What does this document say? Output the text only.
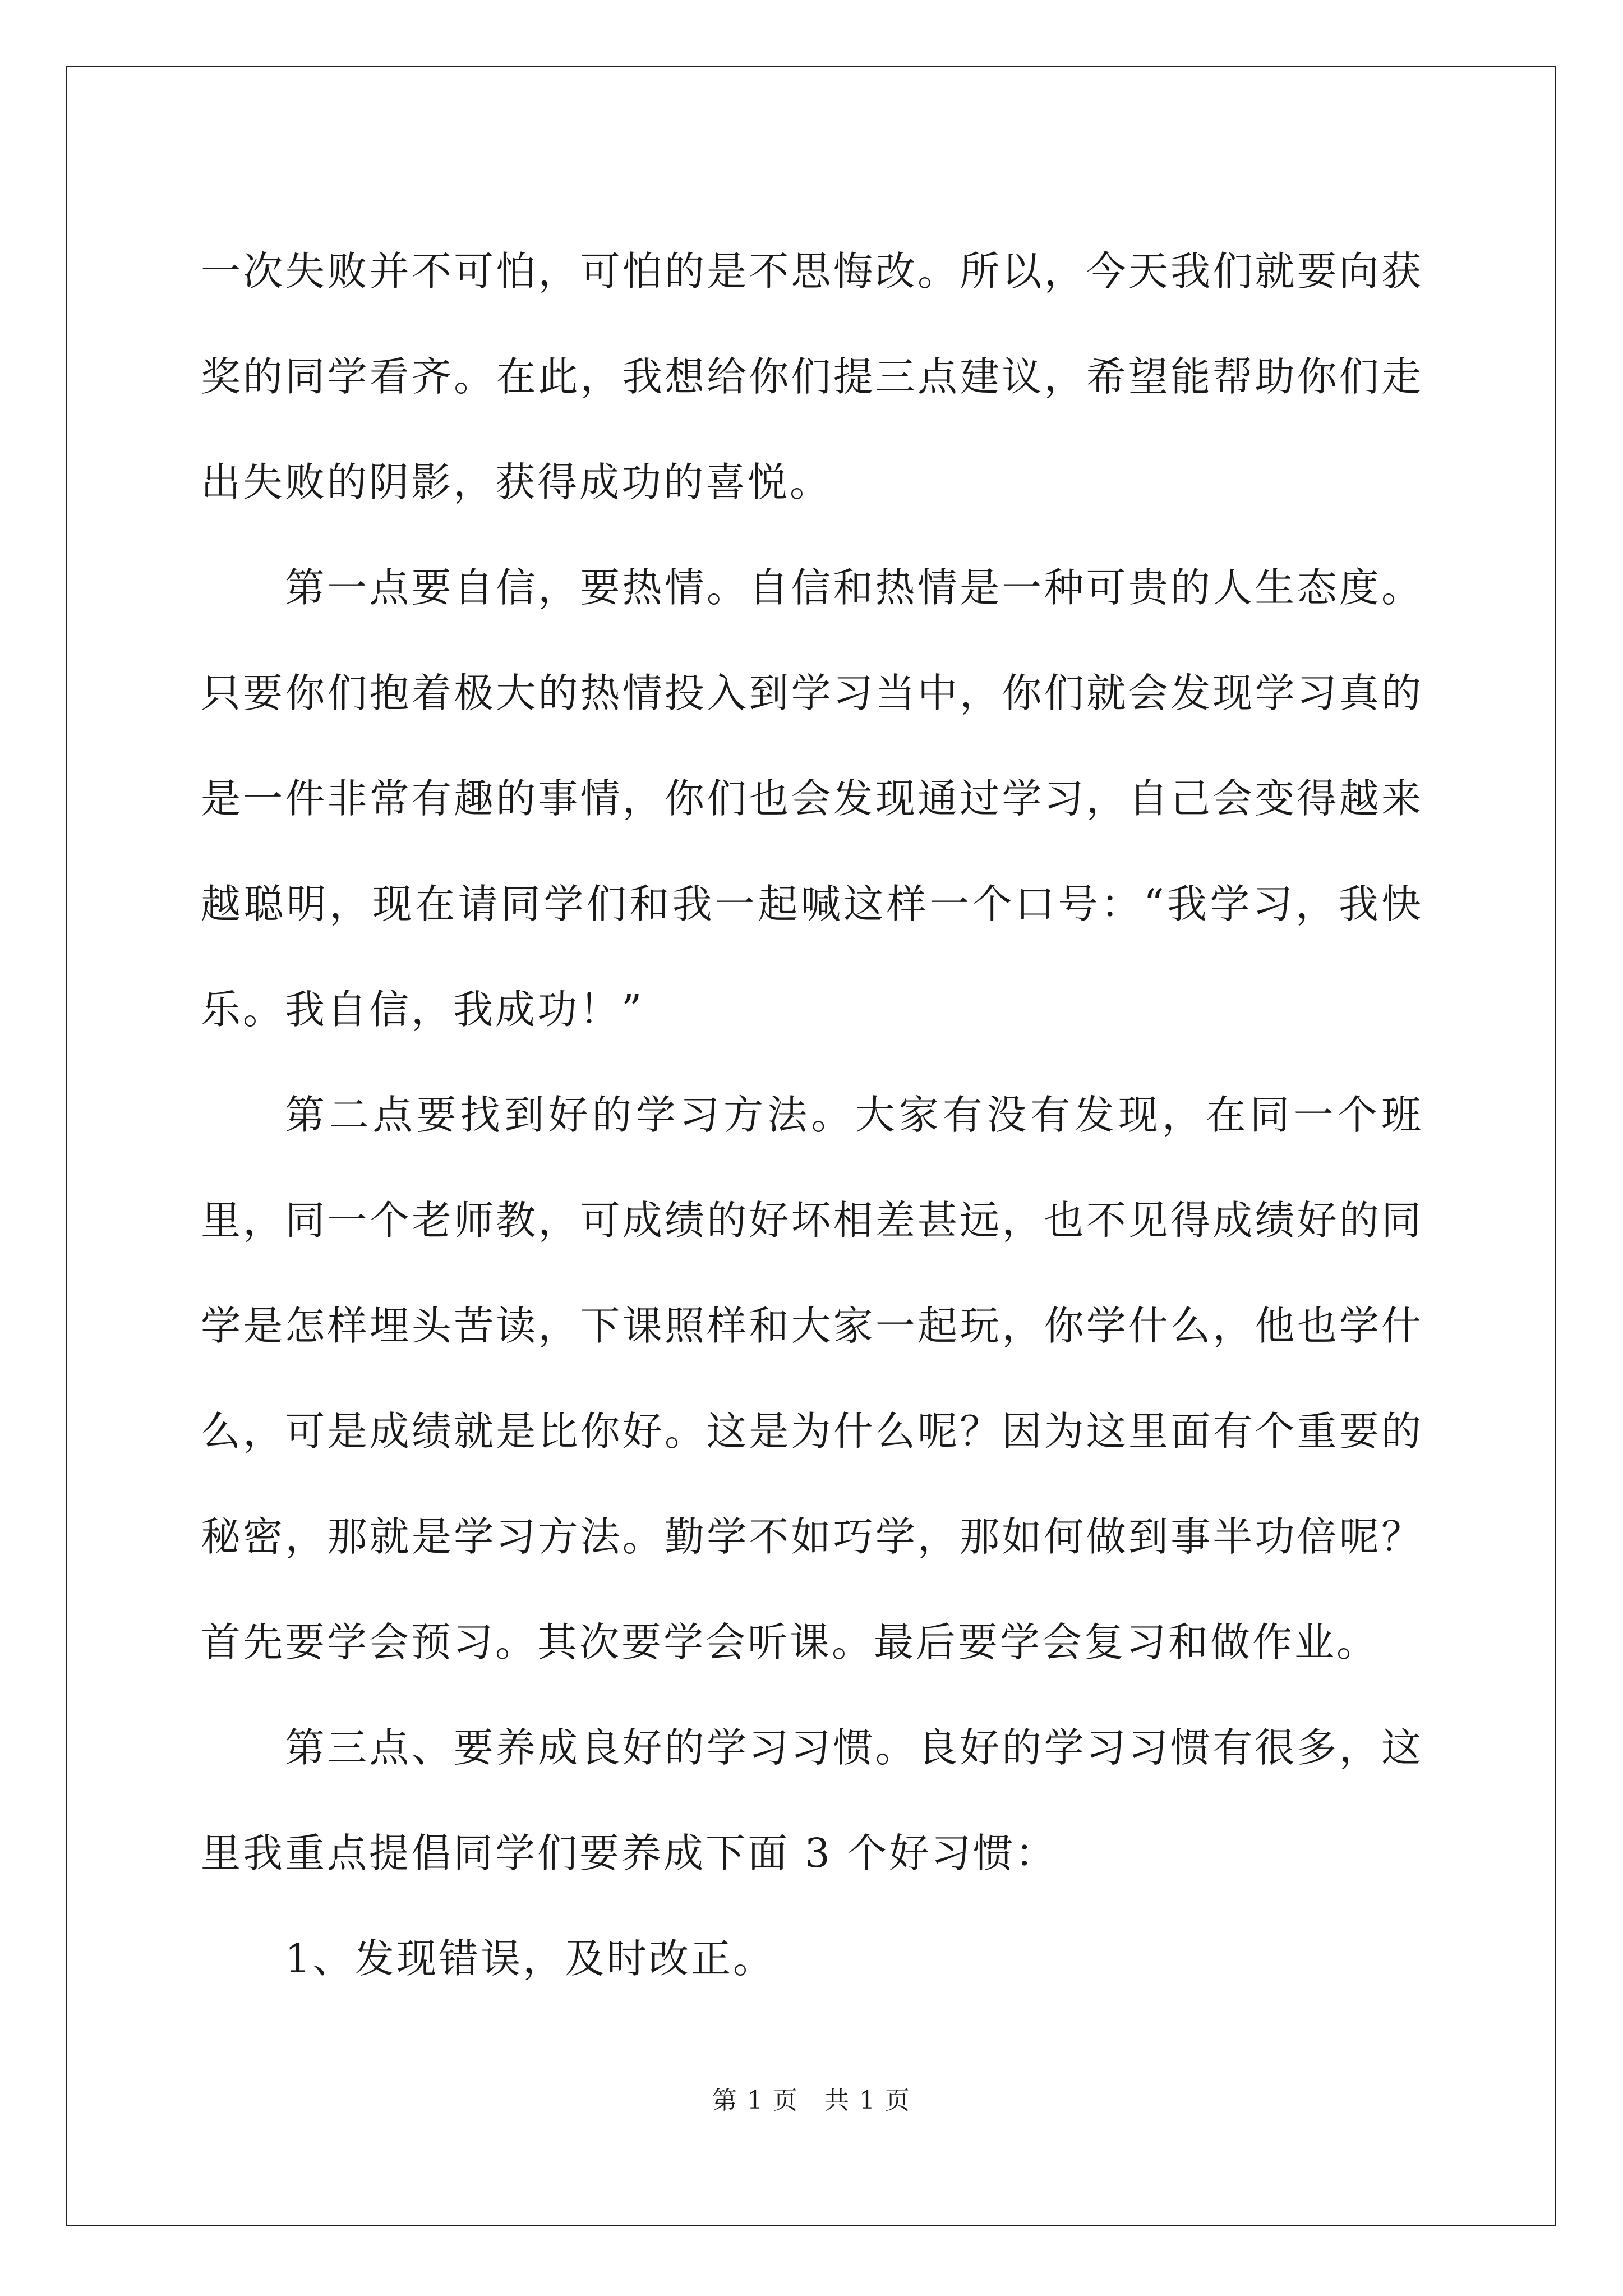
一次失败并不可怕，可怕的是不思悔改。所以，今天我们就要向获奖的同学看齐。在此，我想给你们提三点建议，希望能帮助你们走出失败的阴影，获得成功的喜悦。

第一点要自信，要热情。自信和热情是一种可贵的人生态度。只要你们抱着极大的热情投入到学习当中，你们就会发现学习真的是一件非常有趣的事情，你们也会发现通过学习，自己会变得越来越聪明，现在请同学们和我一起喊这样一个口号：“我学习，我快乐。我自信，我成功！”

第二点要找到好的学习方法。大家有没有发现，在同一个班里，同一个老师教，可成绩的好坏相差甚远，也不见得成绩好的同学是怎样埋头苦读，下课照样和大家一起玩，你学什么，他也学什么，可是成绩就是比你好。这是为什么呢？因为这里面有个重要的秘密，那就是学习方法。勤学不如巧学，那如何做到事半功倍呢？首先要学会预习。其次要学会听课。最后要学会复习和做作业。

第三点、要养成良好的学习习惯。良好的学习习惯有很多，这里我重点提倡同学们要养成下面 3 个好习惯：

1、发现错误，及时改正。

第 1 页　共 1 页
